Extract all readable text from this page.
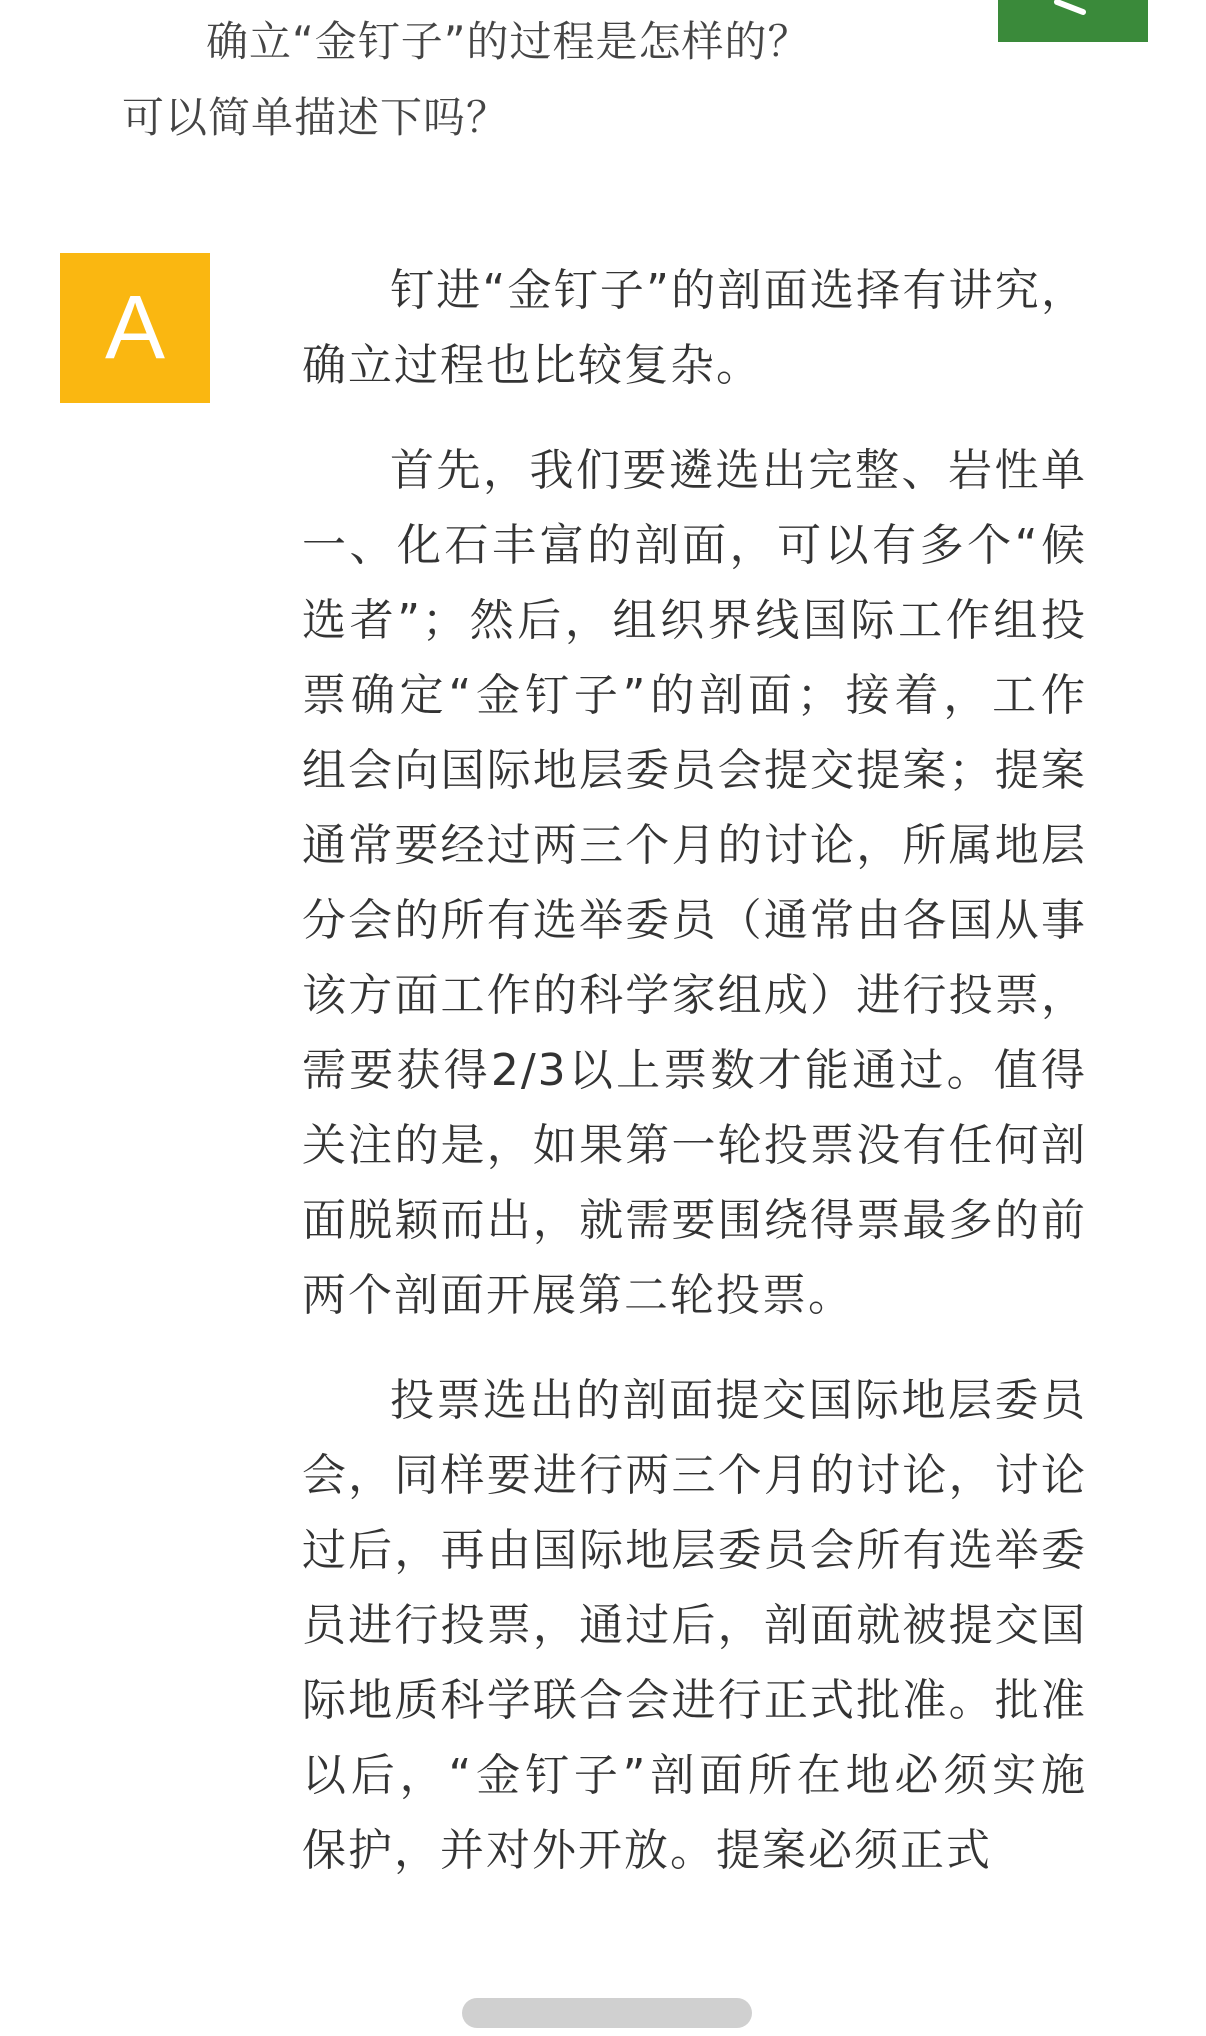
确立“金钉子”的过程是怎样的？
可以简单描述下吗？
A	钉进“金钉子”的剖面选择有讲究，确立过程也比较复杂。

首先，我们要遴选出完整、岩性单一、化石丰富的剖面，可以有多个“候选者”；然后，组织界线国际工作组投票确定“金钉子”的剖面；接着，工作组会向国际地层委员会提交提案；提案通常要经过两三个月的讨论，所属地层分会的所有选举委员（通常由各国从事该方面工作的科学家组成）进行投票，需要获得2/3以上票数才能通过。值得关注的是，如果第一轮投票没有任何剖面脱颖而出，就需要围绕得票最多的前两个剖面开展第二轮投票。

投票选出的剖面提交国际地层委员会，同样要进行两三个月的讨论，讨论过后，再由国际地层委员会所有选举委员进行投票，通过后，剖面就被提交国际地质科学联合会进行正式批准。批准以后，“金钉子”剖面所在地必须实施保护，并对外开放。提案必须正式
